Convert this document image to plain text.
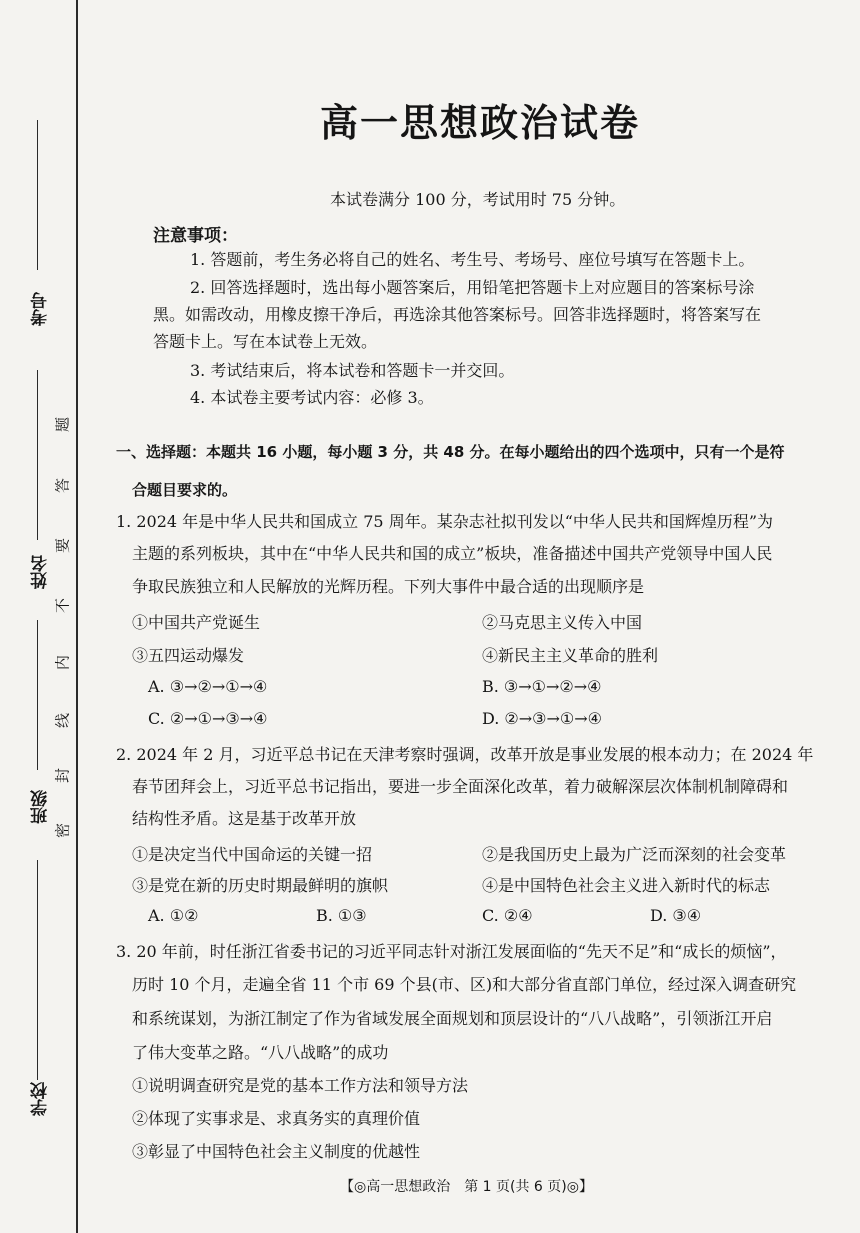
考号
姓名
班级
学校
题
答
要
不
内
线
封
密
高一思想政治试卷
本试卷满分 100 分，考试用时 75 分钟。
注意事项：
1. 答题前，考生务必将自己的姓名、考生号、考场号、座位号填写在答题卡上。
2. 回答选择题时，选出每小题答案后，用铅笔把答题卡上对应题目的答案标号涂
黑。如需改动，用橡皮擦干净后，再选涂其他答案标号。回答非选择题时，将答案写在
答题卡上。写在本试卷上无效。
3. 考试结束后，将本试卷和答题卡一并交回。
4. 本试卷主要考试内容：必修 3。
一、选择题：本题共 16 小题，每小题 3 分，共 48 分。在每小题给出的四个选项中，只有一个是符
合题目要求的。
1. 2024 年是中华人民共和国成立 75 周年。某杂志社拟刊发以“中华人民共和国辉煌历程”为
主题的系列板块，其中在“中华人民共和国的成立”板块，准备描述中国共产党领导中国人民
争取民族独立和人民解放的光辉历程。下列大事件中最合适的出现顺序是
①中国共产党诞生	②马克思主义传入中国
③五四运动爆发	④新民主主义革命的胜利
A. ③→②→①→④	B. ③→①→②→④
C. ②→①→③→④	D. ②→③→①→④
2. 2024 年 2 月，习近平总书记在天津考察时强调，改革开放是事业发展的根本动力；在 2024 年
春节团拜会上，习近平总书记指出，要进一步全面深化改革，着力破解深层次体制机制障碍和
结构性矛盾。这是基于改革开放
①是决定当代中国命运的关键一招	②是我国历史上最为广泛而深刻的社会变革
③是党在新的历史时期最鲜明的旗帜	④是中国特色社会主义进入新时代的标志
A. ①②	B. ①③	C. ②④	D. ③④
3. 20 年前，时任浙江省委书记的习近平同志针对浙江发展面临的“先天不足”和“成长的烦恼”，
历时 10 个月，走遍全省 11 个市 69 个县(市、区)和大部分省直部门单位，经过深入调查研究
和系统谋划，为浙江制定了作为省域发展全面规划和顶层设计的“八八战略”，引领浙江开启
了伟大变革之路。“八八战略”的成功
①说明调查研究是党的基本工作方法和领导方法
②体现了实事求是、求真务实的真理价值
③彰显了中国特色社会主义制度的优越性
【◎高一思想政治　第 1 页(共 6 页)◎】
